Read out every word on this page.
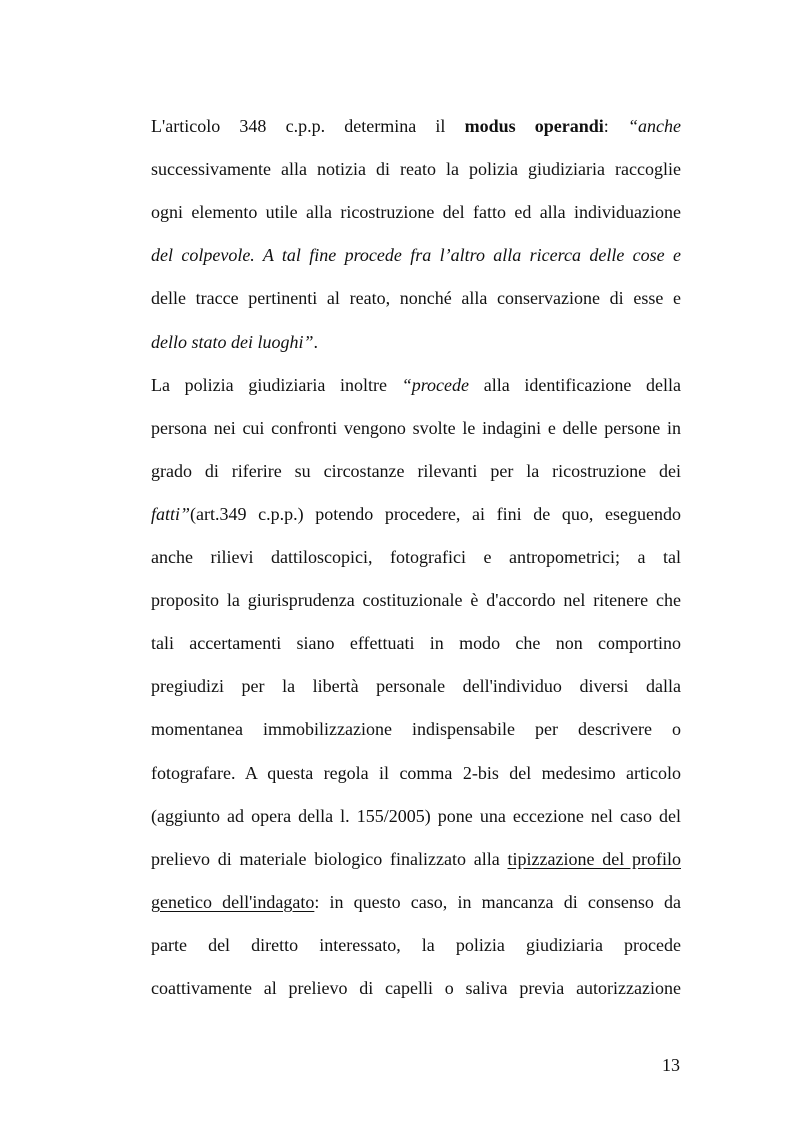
L'articolo 348 c.p.p. determina il modus operandi: “anche
successivamente alla notizia di reato la polizia giudiziaria raccoglie
ogni elemento utile alla ricostruzione del fatto ed alla individuazione
del colpevole. A tal fine procede fra l’altro alla ricerca delle cose e
delle tracce pertinenti al reato, nonché alla conservazione di esse e
dello stato dei luoghi”.
La polizia giudiziaria inoltre “procede alla identificazione della
persona nei cui confronti vengono svolte le indagini e delle persone in
grado di riferire su circostanze rilevanti per la ricostruzione dei
fatti”(art.349 c.p.p.) potendo procedere, ai fini de quo, eseguendo
anche rilievi dattiloscopici, fotografici e antropometrici; a tal
proposito la giurisprudenza costituzionale è d'accordo nel ritenere che
tali accertamenti siano effettuati in modo che non comportino
pregiudizi per la libertà personale dell'individuo diversi dalla
momentanea immobilizzazione indispensabile per descrivere o
fotografare. A questa regola il comma 2-bis del medesimo articolo
(aggiunto ad opera della l. 155/2005) pone una eccezione nel caso del
prelievo di materiale biologico finalizzato alla tipizzazione del profilo
genetico dell'indagato: in questo caso, in mancanza di consenso da
parte del diretto interessato, la polizia giudiziaria procede
coattivamente al prelievo di capelli o saliva previa autorizzazione
13
